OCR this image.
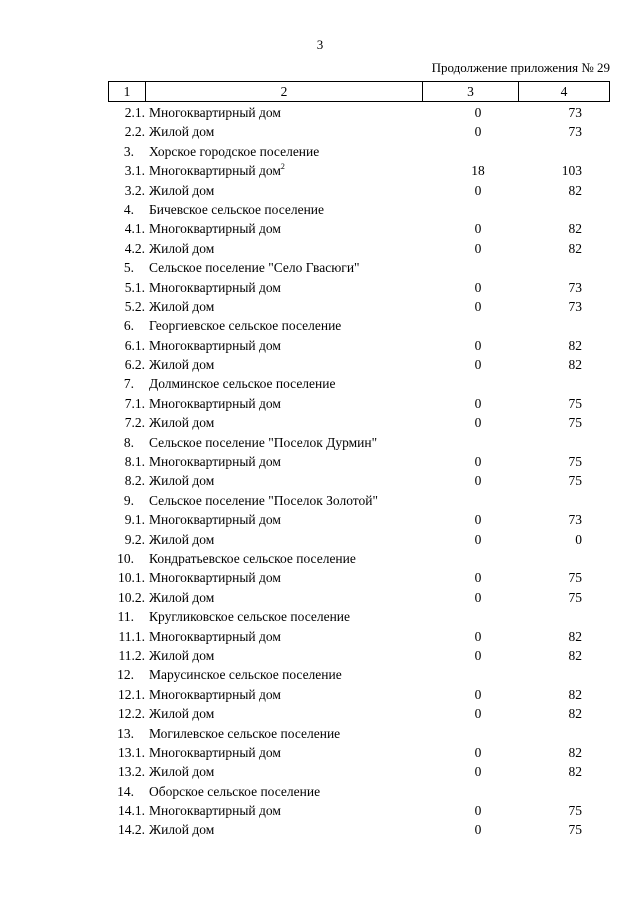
3
Продолжение приложения № 29
1	2	3	4
2.1. Многоквартирный дом	0	73
2.2. Жилой дом	0	73
3. Хорское городское поселение
3.1. Многоквартирный дом$^2$	18	103
3.2. Жилой дом	0	82
4. Бичевское сельское поселение
4.1. Многоквартирный дом	0	82
4.2. Жилой дом	0	82
5. Сельское поселение "Село Гвасюги"
5.1. Многоквартирный дом	0	73
5.2. Жилой дом	0	73
6. Георгиевское сельское поселение
6.1. Многоквартирный дом	0	82
6.2. Жилой дом	0	82
7. Долминское сельское поселение
7.1. Многоквартирный дом	0	75
7.2. Жилой дом	0	75
8. Сельское поселение "Поселок Дурмин"
8.1. Многоквартирный дом	0	75
8.2. Жилой дом	0	75
9. Сельское поселение "Поселок Золотой"
9.1. Многоквартирный дом	0	73
9.2. Жилой дом	0	0
10. Кондратьевское сельское поселение
10.1. Многоквартирный дом	0	75
10.2. Жилой дом	0	75
11. Кругликовское сельское поселение
11.1. Многоквартирный дом	0	82
11.2. Жилой дом	0	82
12. Марусинское сельское поселение
12.1. Многоквартирный дом	0	82
12.2. Жилой дом	0	82
13. Могилевское сельское поселение
13.1. Многоквартирный дом	0	82
13.2. Жилой дом	0	82
14. Оборское сельское поселение
14.1. Многоквартирный дом	0	75
14.2. Жилой дом	0	75
